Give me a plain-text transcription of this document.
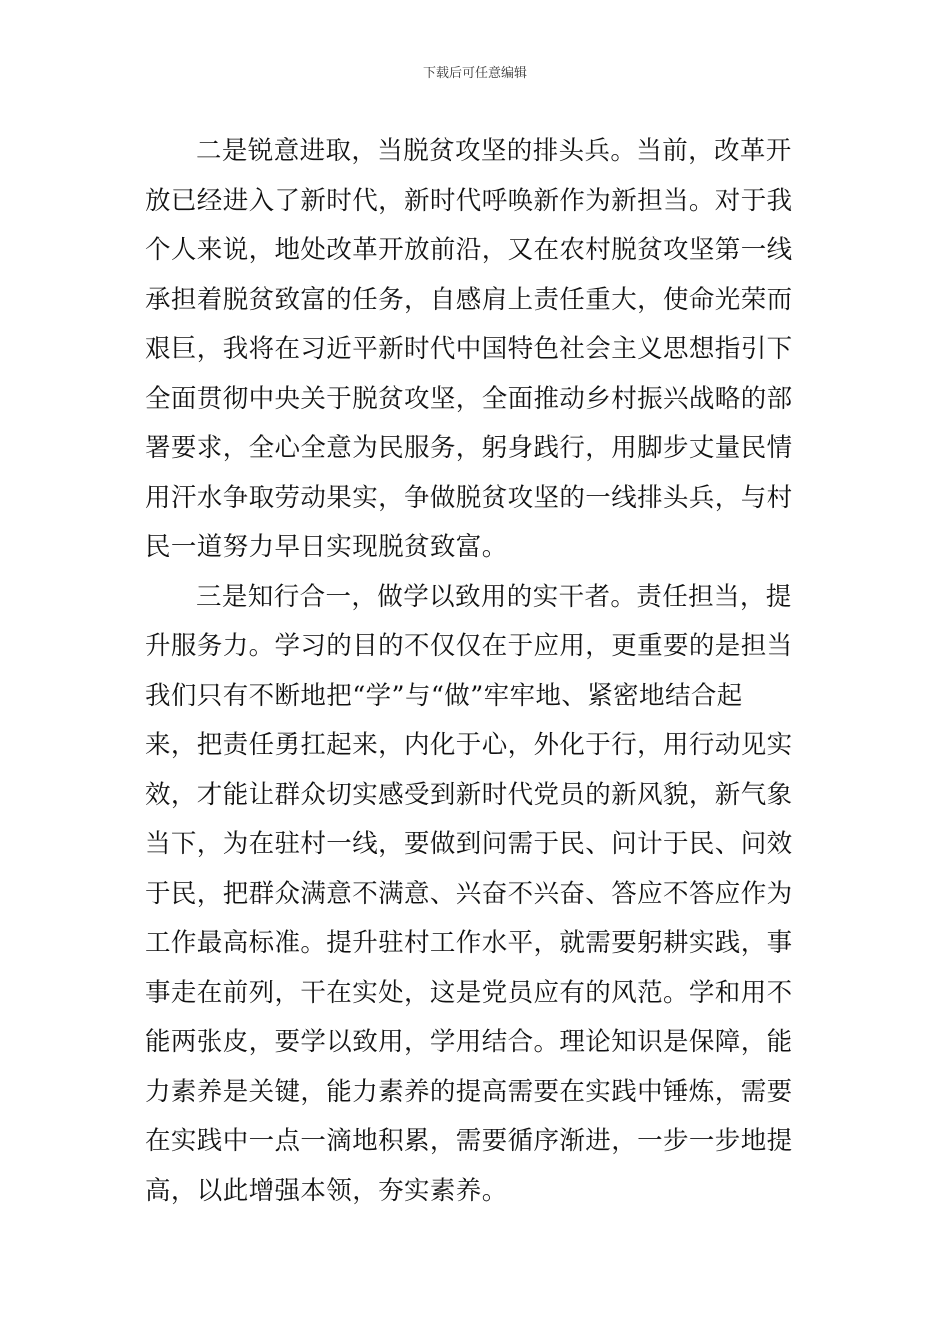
下载后可任意编辑

二是锐意进取，当脱贫攻坚的排头兵。当前，改革开
放已经进入了新时代，新时代呼唤新作为新担当。对于我
个人来说，地处改革开放前沿，又在农村脱贫攻坚第一线
承担着脱贫致富的任务，自感肩上责任重大，使命光荣而
艰巨，我将在习近平新时代中国特色社会主义思想指引下
全面贯彻中央关于脱贫攻坚，全面推动乡村振兴战略的部
署要求，全心全意为民服务，躬身践行，用脚步丈量民情
用汗水争取劳动果实，争做脱贫攻坚的一线排头兵，与村
民一道努力早日实现脱贫致富。

三是知行合一，做学以致用的实干者。责任担当，提
升服务力。学习的目的不仅仅在于应用，更重要的是担当
我们只有不断地把“学”与“做”牢牢地、紧密地结合起
来，把责任勇扛起来，内化于心，外化于行，用行动见实
效，才能让群众切实感受到新时代党员的新风貌，新气象
当下，为在驻村一线，要做到问需于民、问计于民、问效
于民，把群众满意不满意、兴奋不兴奋、答应不答应作为
工作最高标准。提升驻村工作水平，就需要躬耕实践，事
事走在前列，干在实处，这是党员应有的风范。学和用不
能两张皮，要学以致用，学用结合。理论知识是保障，能
力素养是关键，能力素养的提高需要在实践中锤炼，需要
在实践中一点一滴地积累，需要循序渐进，一步一步地提
高，以此增强本领，夯实素养。
